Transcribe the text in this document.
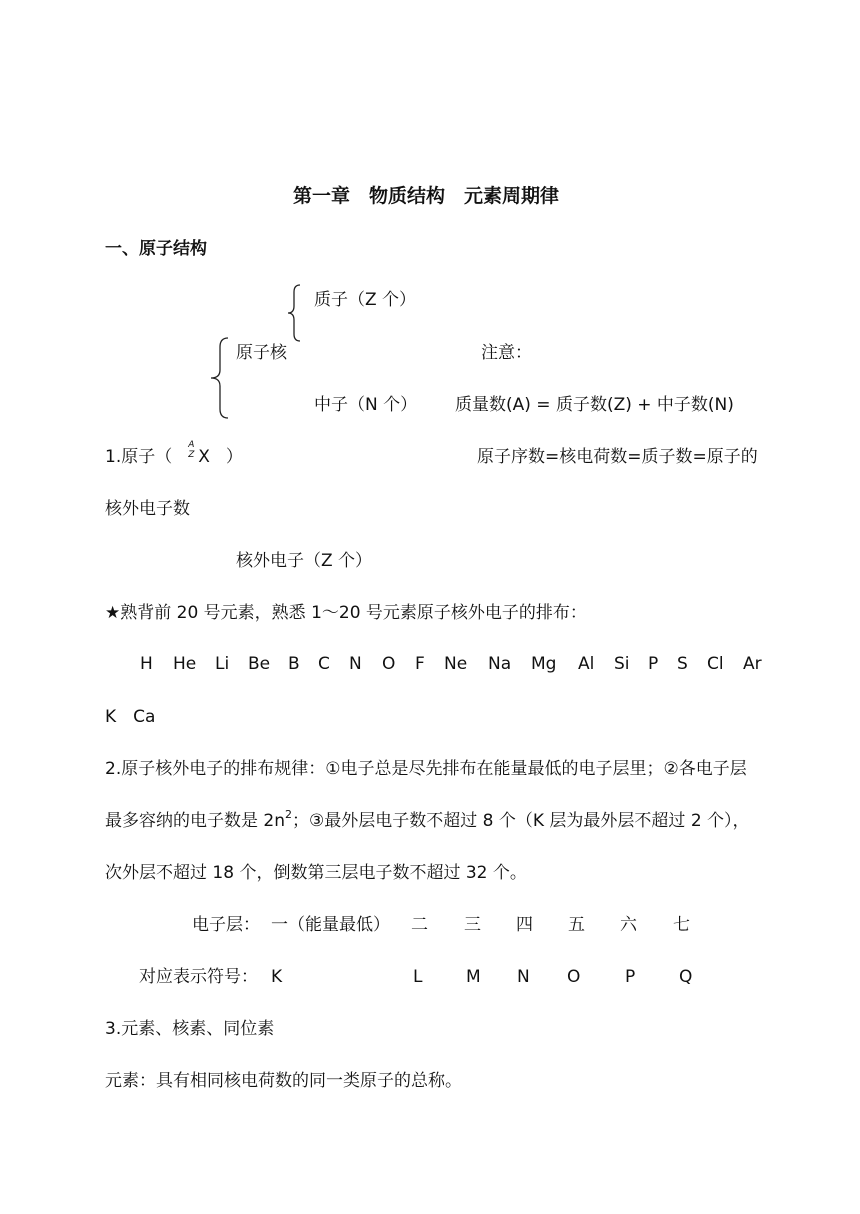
第一章　物质结构　元素周期律
一、原子结构
质子（Z 个）
原子核	注意：
中子（N 个） 质量数(A) = 质子数(Z) + 中子数(N)
1.原子（
A
Z X ）	原子序数=核电荷数=质子数=原子的
核外电子数
核外电子（Z 个）
★熟背前 20 号元素，熟悉 1～20 号元素原子核外电子的排布：
H He Li Be B C N O F Ne Na Mg Al Si P S Cl Ar
K　Ca
2.原子核外电子的排布规律：①电子总是尽先排布在能量最低的电子层里；②各电子层
最多容纳的电子数是 $2n^2$；③最外层电子数不超过 8 个（K 层为最外层不超过 2 个），
次外层不超过 18 个，倒数第三层电子数不超过 32 个。
电子层： 一（能量最低） 二 三 四 五 六 七
对应表示符号： K	L	M N O	P	Q
3.元素、核素、同位素
元素：具有相同核电荷数的同一类原子的总称。
